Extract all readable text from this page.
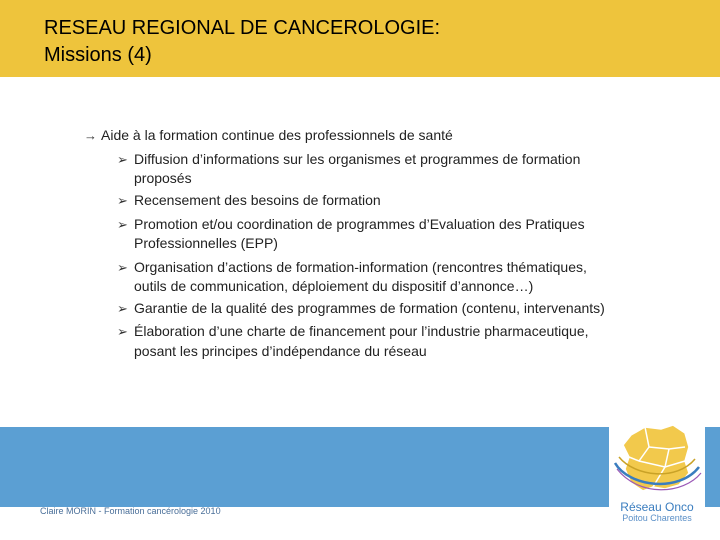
RESEAU REGIONAL DE CANCEROLOGIE:
Missions (4)
→ Aide à la formation continue des professionnels de santé
➢ Diffusion d’informations sur les organismes et programmes de formation
proposés
➢ Recensement des besoins de formation
➢ Promotion et/ou coordination de programmes d’Evaluation des Pratiques
Professionnelles (EPP)
➢ Organisation d’actions de formation-information (rencontres thématiques,
outils de communication, déploiement du dispositif d’annonce…)
➢ Garantie de la qualité des programmes de formation (contenu, intervenants)
➢ Élaboration d’une charte de financement pour l’industrie pharmaceutique,
posant les principes d’indépendance du réseau
Claire MORIN - Formation cancérologie 2010	Réseau Onco
Poitou Charentes
